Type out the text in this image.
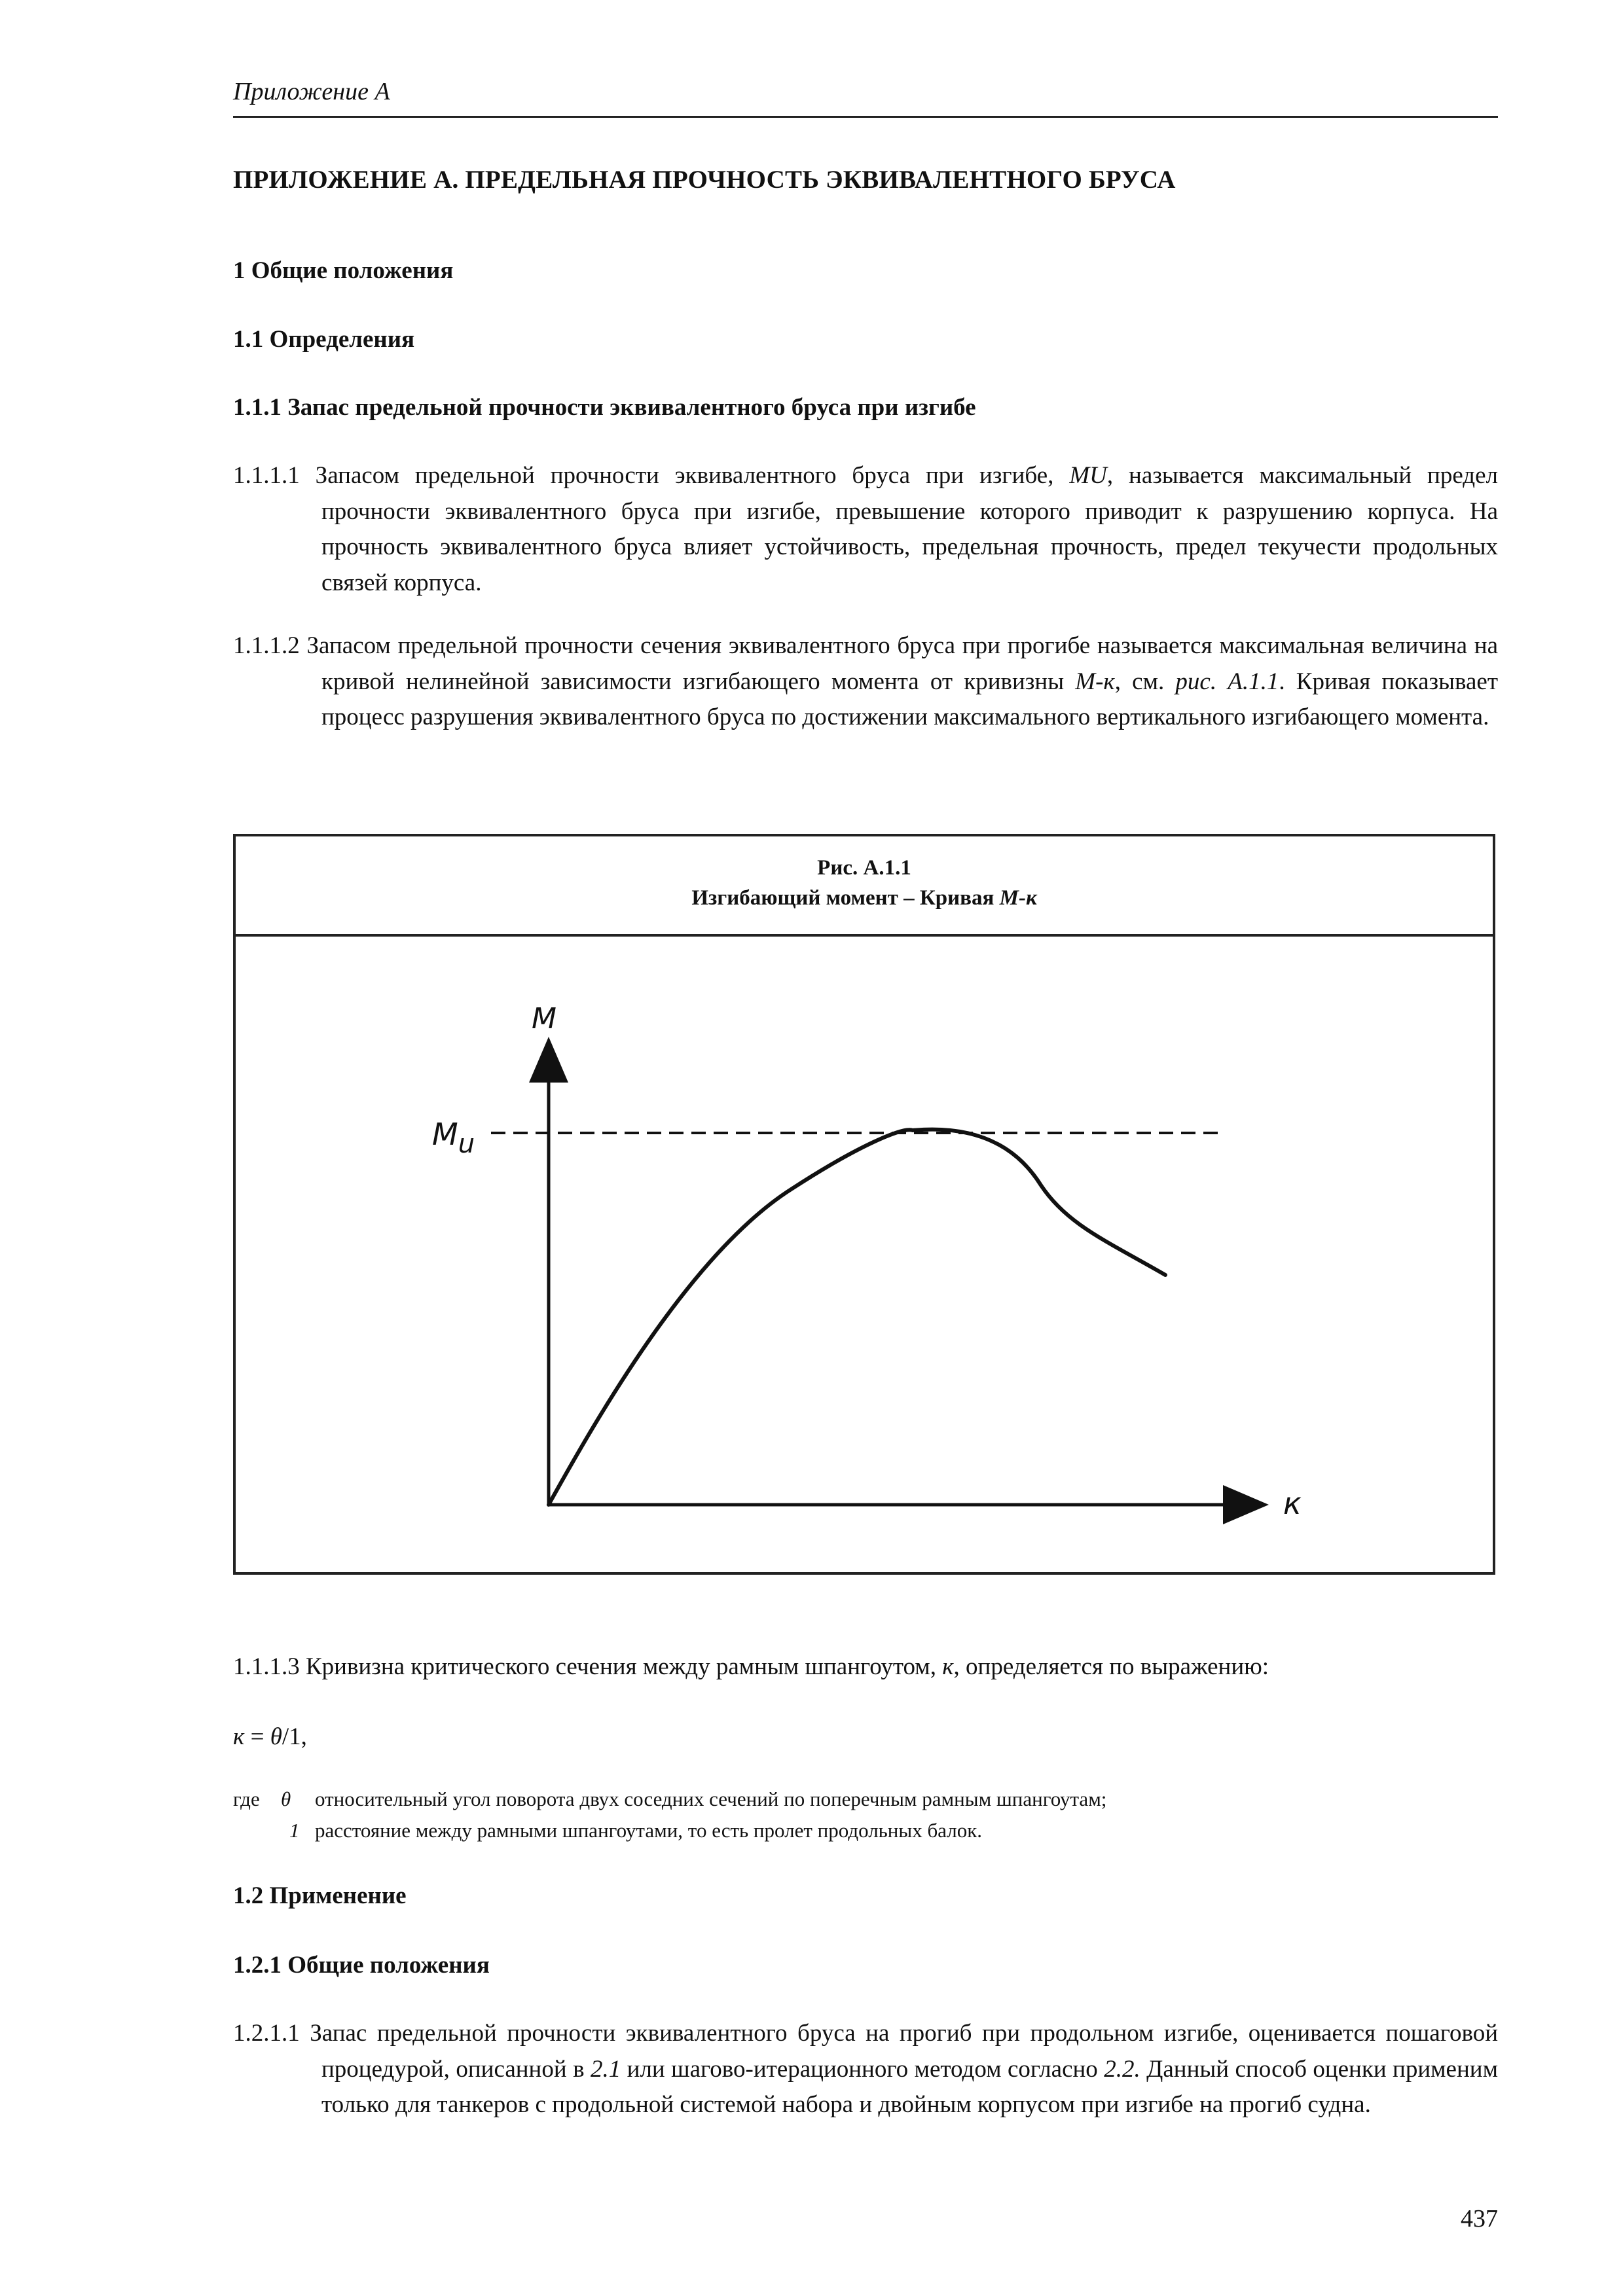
Приложение А
ПРИЛОЖЕНИЕ А. ПРЕДЕЛЬНАЯ ПРОЧНОСТЬ ЭКВИВАЛЕНТНОГО БРУСА
1 Общие положения
1.1 Определения
1.1.1 Запас предельной прочности эквивалентного бруса при изгибе
1.1.1.1 Запасом предельной прочности эквивалентного бруса при изгибе, MU, называется максимальный предел прочности эквивалентного бруса при изгибе, превышение которого приводит к разрушению корпуса. На прочность эквивалентного бруса влияет устойчивость, предельная прочность, предел текучести продольных связей корпуса.
1.1.1.2 Запасом предельной прочности сечения эквивалентного бруса при прогибе называется максимальная величина на кривой нелинейной зависимости изгибающего момента от кривизны М-к, см. рис. А.1.1. Кривая показывает процесс разрушения эквивалентного бруса по достижении максимального вертикального изгибающего момента.
Рис. А.1.1
Изгибающий момент – Кривая М-к
M
к
Mu
1.1.1.3 Кривизна критического сечения между рамным шпангоутом, к, определяется по выражению:
к = θ/1,
где θ относительный угол поворота двух соседних сечений по поперечным рамным шпангоутам;
1 расстояние между рамными шпангоутами, то есть пролет продольных балок.
1.2 Применение
1.2.1 Общие положения
1.2.1.1 Запас предельной прочности эквивалентного бруса на прогиб при продольном изгибе, оценивается пошаговой процедурой, описанной в 2.1 или шагово-итерационного методом согласно 2.2. Данный способ оценки применим только для танкеров с продольной системой набора и двойным корпусом при изгибе на прогиб судна.
437
